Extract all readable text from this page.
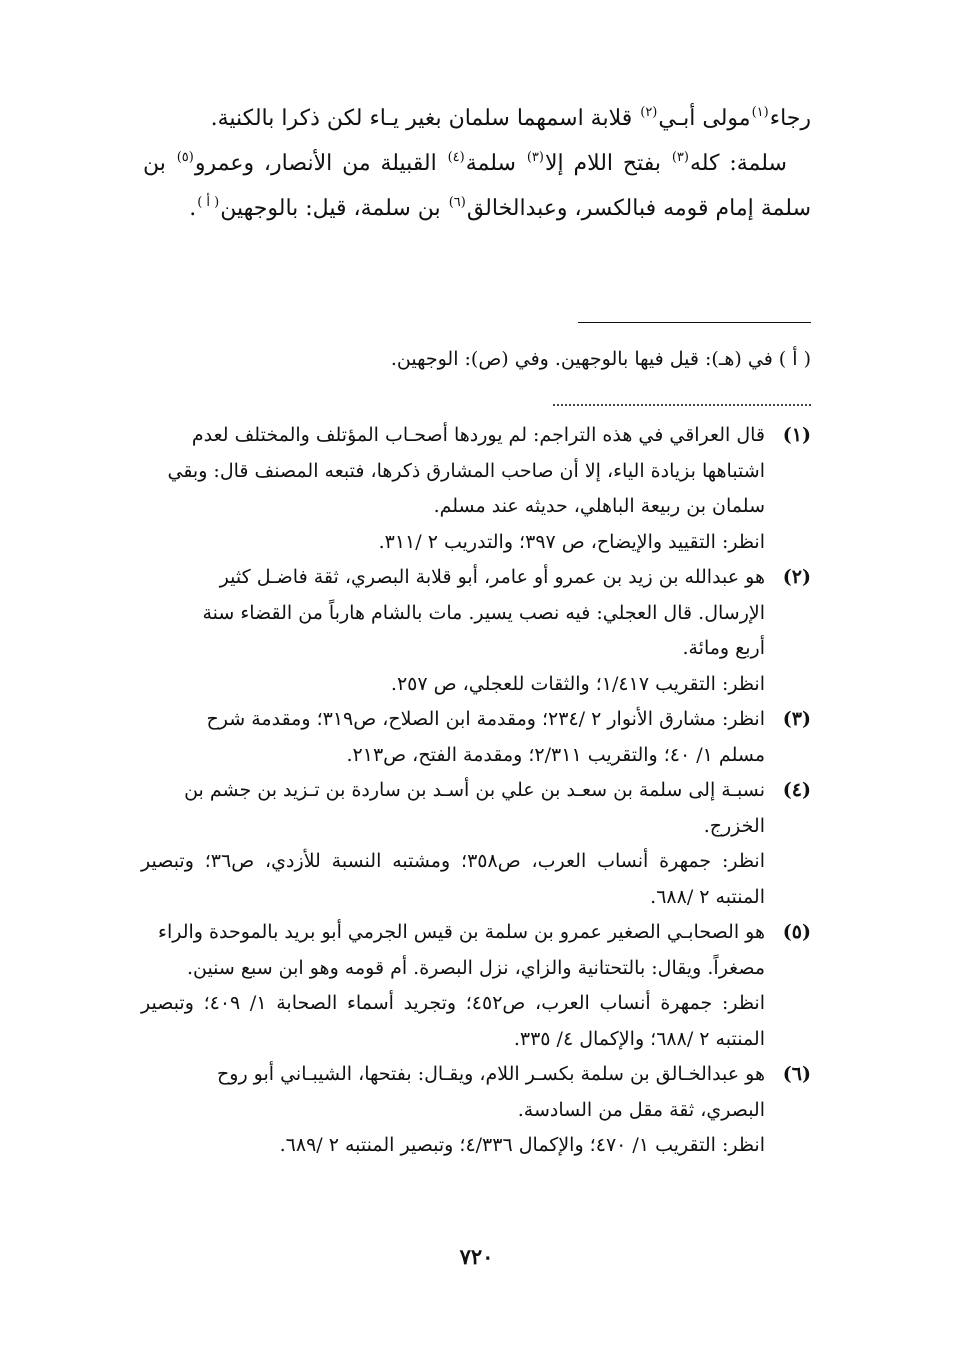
رجاء$^{(١)}$مولى أبـي$^{(٢)}$ قلابة اسمهما سلمان بغير يـاء لكن ذكرا بالكنية.

سلمة: كله$^{(٣)}$ بفتح اللام إلا$^{(٣)}$ سلمة$^{(٤)}$ القبيلة من الأنصار، وعمرو$^{(٥)}$ بن سلمة إمام قومه فبالكسر، وعبدالخالق$^{(٦)}$ بن سلمة، قيل: بالوجهين$^{( أ )}$.

( أ ) في (هـ): قيل فيها بالوجهين. وفي (ص): الوجهين.
(١)
قال العراقي في هذه التراجم: لم يوردها أصحـاب المؤتلف والمختلف لعدم
اشتباهها بزيادة الياء، إلا أن صاحب المشارق ذكرها، فتبعه المصنف قال: وبقي
سلمان بن ربيعة الباهلي، حديثه عند مسلم.
انظر: التقييد والإيضاح، ص ٣٩٧؛ والتدريب ٢ /٣١١.
(٢)
هو عبدالله بن زيد بن عمرو أو عامر، أبو قلابة البصري، ثقة فاضـل كثير
الإرسال. قال العجلي: فيه نصب يسير. مات بالشام هارباً من القضاء سنة
أربع ومائة.
انظر: التقريب ١/٤١٧؛ والثقات للعجلي، ص ٢٥٧.
(٣)
انظر: مشارق الأنوار ٢ /٢٣٤؛ ومقدمة ابن الصلاح، ص٣١٩؛ ومقدمة شرح
مسلم ١/ ٤٠؛ والتقريب ٢/٣١١؛ ومقدمة الفتح، ص٢١٣.
(٤)
نسبـة إلى سلمة بن سعـد بن علي بن أسـد بن ساردة بن تـزيد بن جشم بن
الخزرج.
انظر: جمهرة أنساب العرب، ص٣٥٨؛ ومشتبه النسبة للأزدي، ص٣٦؛ وتبصير المنتبه ٢ /٦٨٨.
(٥)
هو الصحابـي الصغير عمرو بن سلمة بن قيس الجرمي أبو بريد بالموحدة والراء
مصغراً. ويقال: بالتحتانية والزاي، نزل البصرة. أم قومه وهو ابن سبع سنين.
انظر: جمهرة أنساب العرب، ص٤٥٢؛ وتجريد أسماء الصحابة ١/ ٤٠٩؛ وتبصير المنتبه ٢ /٦٨٨؛ والإكمال ٤/ ٣٣٥.
(٦)
هو عبدالخـالق بن سلمة بكسـر اللام، ويقـال: بفتحها، الشيبـاني أبو روح
البصري، ثقة مقل من السادسة.
انظر: التقريب ١/ ٤٧٠؛ والإكمال ٤/٣٣٦؛ وتبصير المنتبه ٢ /٦٨٩.
٧٢٠
